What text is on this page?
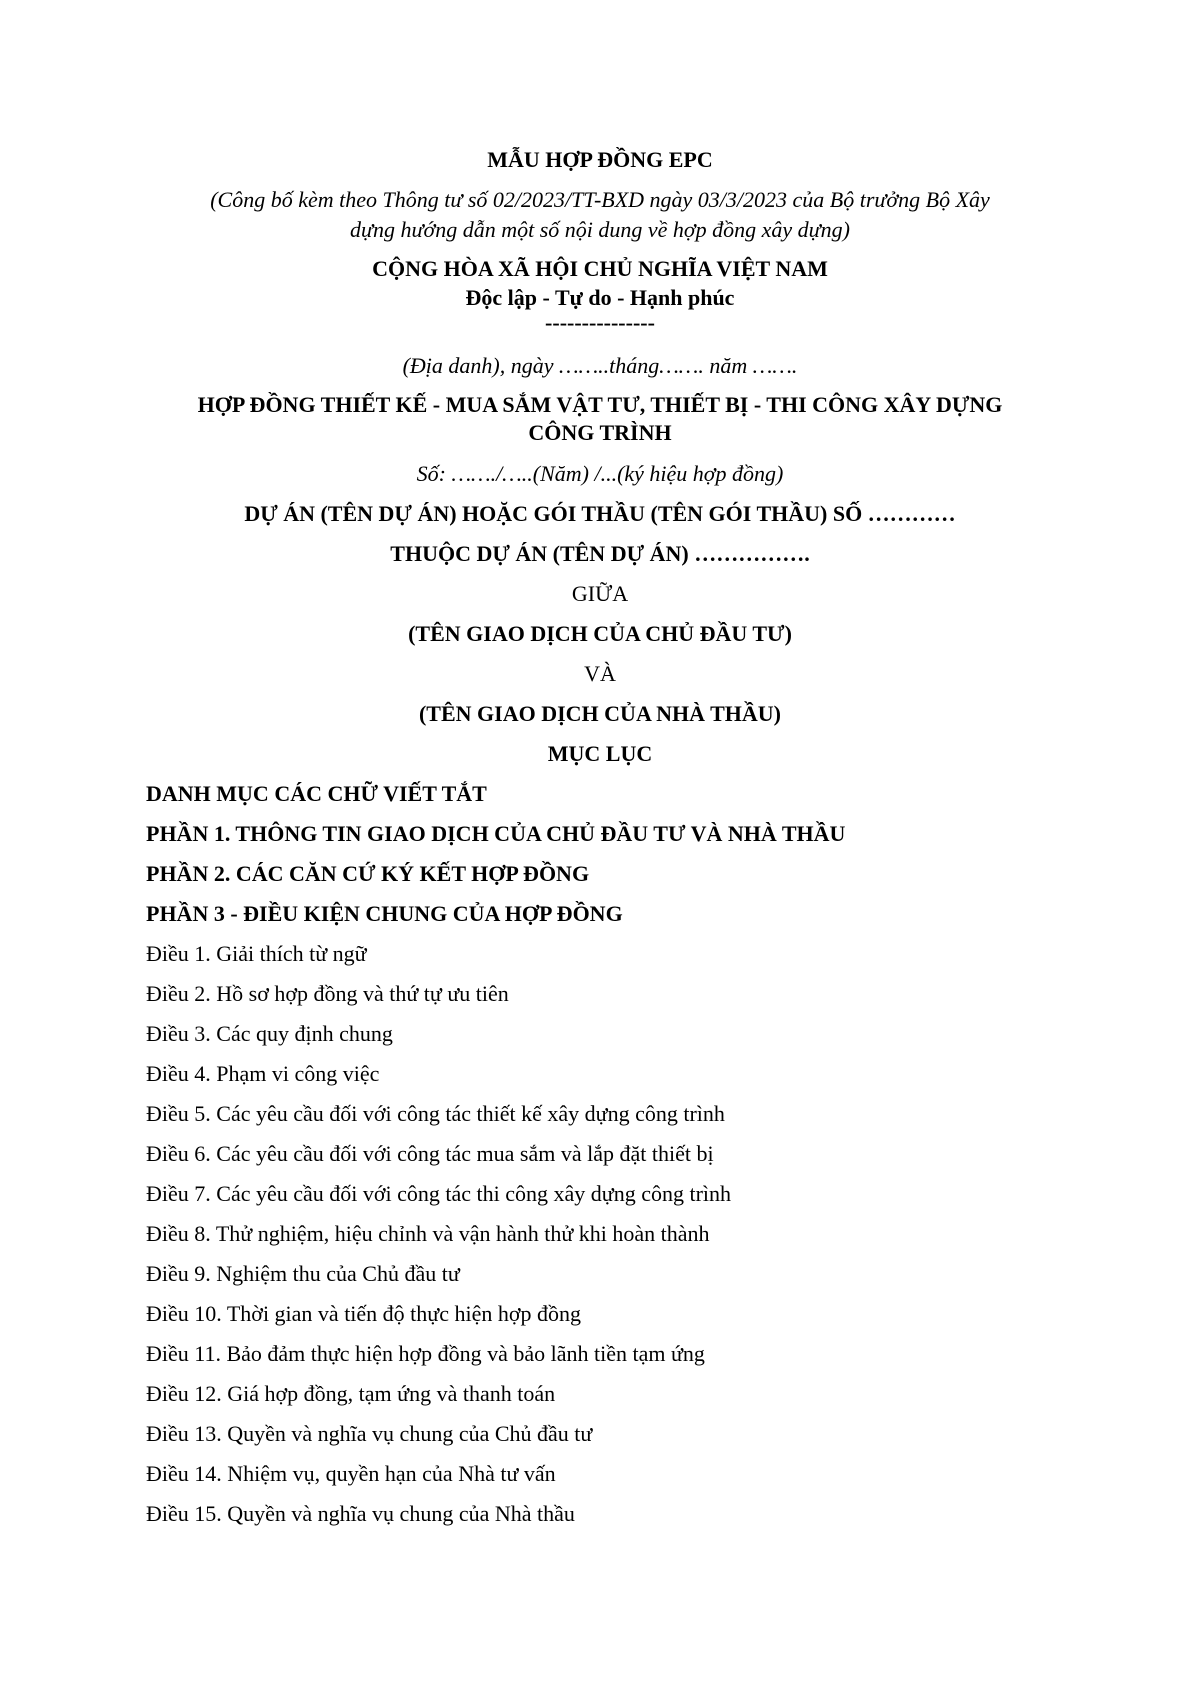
MẪU HỢP ĐỒNG EPC
(Công bố kèm theo Thông tư số 02/2023/TT-BXD ngày 03/3/2023 của Bộ trưởng Bộ Xây
dựng hướng dẫn một số nội dung về hợp đồng xây dựng)
CỘNG HÒA XÃ HỘI CHỦ NGHĨA VIỆT NAM
Độc lập - Tự do - Hạnh phúc
---------------
(Địa danh), ngày ……..tháng……. năm …….
HỢP ĐỒNG THIẾT KẾ - MUA SẮM VẬT TƯ, THIẾT BỊ - THI CÔNG XÂY DỰNG
CÔNG TRÌNH
Số: ……./…..(Năm) /...(ký hiệu hợp đồng)
DỰ ÁN (TÊN DỰ ÁN) HOẶC GÓI THẦU (TÊN GÓI THẦU) SỐ …………
THUỘC DỰ ÁN (TÊN DỰ ÁN) …………….
GIỮA
(TÊN GIAO DỊCH CỦA CHỦ ĐẦU TƯ)
VÀ
(TÊN GIAO DỊCH CỦA NHÀ THẦU)
MỤC LỤC
DANH MỤC CÁC CHỮ VIẾT TẮT
PHẦN 1. THÔNG TIN GIAO DỊCH CỦA CHỦ ĐẦU TƯ VÀ NHÀ THẦU
PHẦN 2. CÁC CĂN CỨ KÝ KẾT HỢP ĐỒNG
PHẦN 3 - ĐIỀU KIỆN CHUNG CỦA HỢP ĐỒNG
Điều 1. Giải thích từ ngữ
Điều 2. Hồ sơ hợp đồng và thứ tự ưu tiên
Điều 3. Các quy định chung
Điều 4. Phạm vi công việc
Điều 5. Các yêu cầu đối với công tác thiết kế xây dựng công trình
Điều 6. Các yêu cầu đối với công tác mua sắm và lắp đặt thiết bị
Điều 7. Các yêu cầu đối với công tác thi công xây dựng công trình
Điều 8. Thử nghiệm, hiệu chỉnh và vận hành thử khi hoàn thành
Điều 9. Nghiệm thu của Chủ đầu tư
Điều 10. Thời gian và tiến độ thực hiện hợp đồng
Điều 11. Bảo đảm thực hiện hợp đồng và bảo lãnh tiền tạm ứng
Điều 12. Giá hợp đồng, tạm ứng và thanh toán
Điều 13. Quyền và nghĩa vụ chung của Chủ đầu tư
Điều 14. Nhiệm vụ, quyền hạn của Nhà tư vấn
Điều 15. Quyền và nghĩa vụ chung của Nhà thầu
